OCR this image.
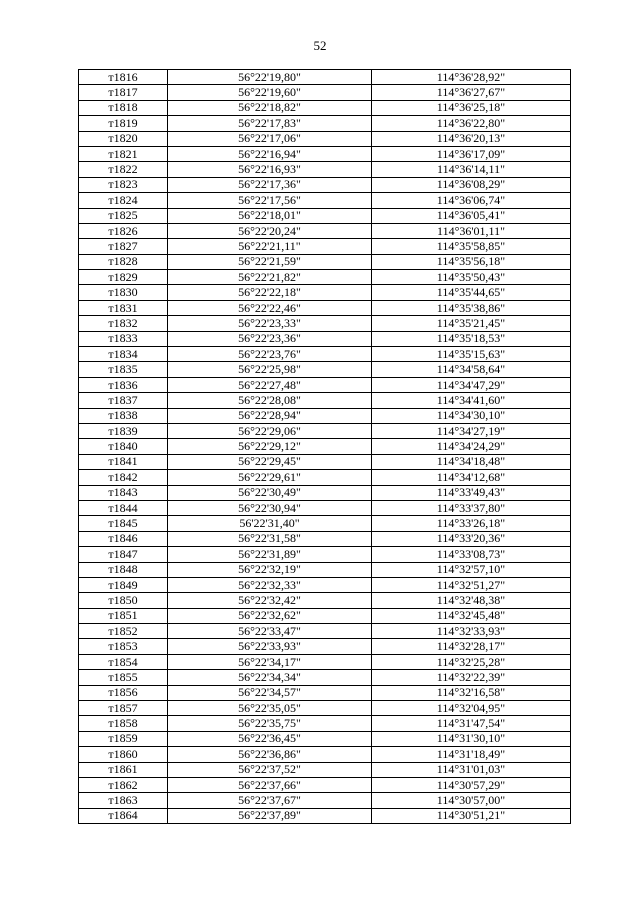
52
т1816	56°22'19,80"	114°36'28,92"
т1817	56°22'19,60"	114°36'27,67"
т1818	56°22'18,82"	114°36'25,18"
т1819	56°22'17,83"	114°36'22,80"
т1820	56°22'17,06"	114°36'20,13"
т1821	56°22'16,94"	114°36'17,09"
т1822	56°22'16,93"	114°36'14,11"
т1823	56°22'17,36"	114°36'08,29"
т1824	56°22'17,56"	114°36'06,74"
т1825	56°22'18,01"	114°36'05,41"
т1826	56°22'20,24"	114°36'01,11"
т1827	56°22'21,11"	114°35'58,85"
т1828	56°22'21,59"	114°35'56,18"
т1829	56°22'21,82"	114°35'50,43"
т1830	56°22'22,18"	114°35'44,65"
т1831	56°22'22,46"	114°35'38,86"
т1832	56°22'23,33"	114°35'21,45"
т1833	56°22'23,36"	114°35'18,53"
т1834	56°22'23,76"	114°35'15,63"
т1835	56°22'25,98"	114°34'58,64"
т1836	56°22'27,48"	114°34'47,29"
т1837	56°22'28,08"	114°34'41,60"
т1838	56°22'28,94"	114°34'30,10"
т1839	56°22'29,06"	114°34'27,19"
т1840	56°22'29,12"	114°34'24,29"
т1841	56°22'29,45"	114°34'18,48"
т1842	56°22'29,61"	114°34'12,68"
т1843	56°22'30,49"	114°33'49,43"
т1844	56°22'30,94"	114°33'37,80"
т1845	56'22'31,40"	114°33'26,18"
т1846	56°22'31,58"	114°33'20,36"
т1847	56°22'31,89"	114°33'08,73"
т1848	56°22'32,19"	114°32'57,10"
т1849	56°22'32,33"	114°32'51,27"
т1850	56°22'32,42"	114°32'48,38"
т1851	56°22'32,62"	114°32'45,48"
т1852	56°22'33,47"	114°32'33,93"
т1853	56°22'33,93"	114°32'28,17"
т1854	56°22'34,17"	114°32'25,28"
т1855	56°22'34,34"	114°32'22,39"
т1856	56°22'34,57"	114°32'16,58"
т1857	56°22'35,05"	114°32'04,95"
т1858	56°22'35,75"	114°31'47,54"
т1859	56°22'36,45"	114°31'30,10"
т1860	56°22'36,86"	114°31'18,49"
т1861	56°22'37,52"	114°31'01,03"
т1862	56°22'37,66"	114°30'57,29"
т1863	56°22'37,67"	114°30'57,00"
т1864	56°22'37,89"	114°30'51,21"
